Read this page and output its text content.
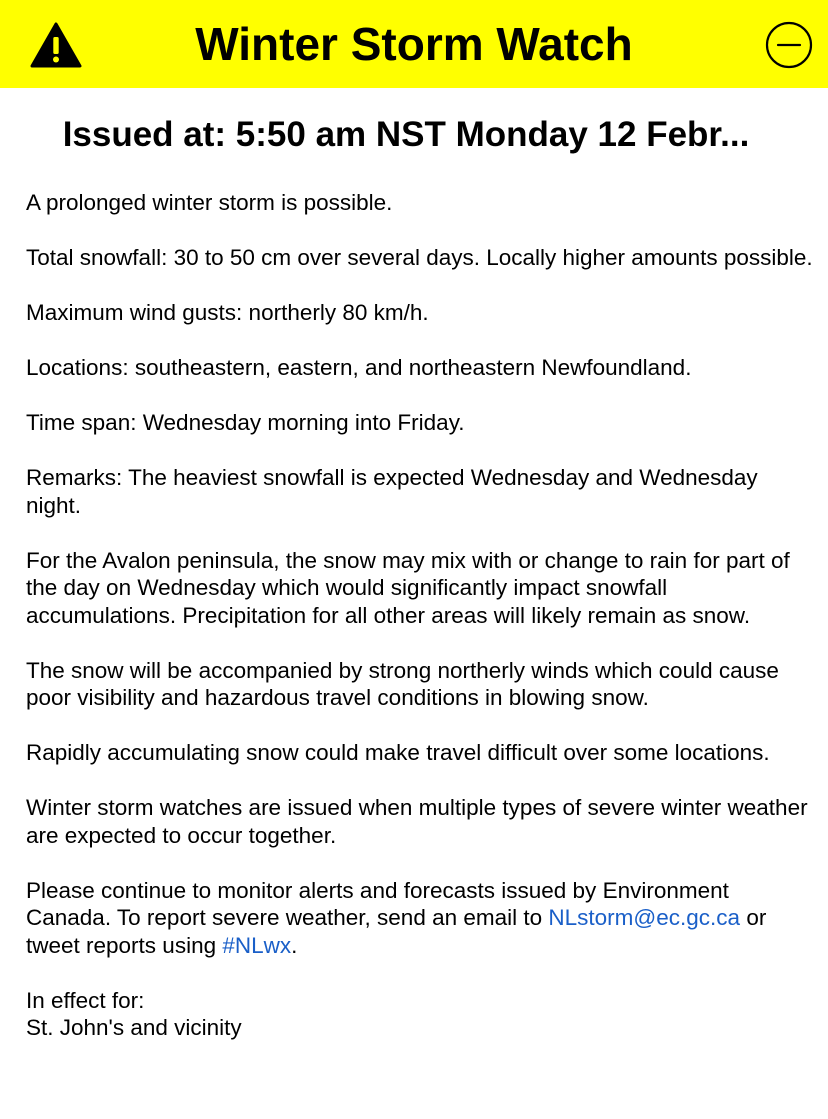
Winter Storm Watch
Issued at: 5:50 am NST Monday 12 Febr...

A prolonged winter storm is possible.

Total snowfall: 30 to 50 cm over several days. Locally higher amounts possible.

Maximum wind gusts: northerly 80 km/h.

Locations: southeastern, eastern, and northeastern Newfoundland.

Time span: Wednesday morning into Friday.

Remarks: The heaviest snowfall is expected Wednesday and Wednesday night.

For the Avalon peninsula, the snow may mix with or change to rain for part of the day on Wednesday which would significantly impact snowfall accumulations. Precipitation for all other areas will likely remain as snow.

The snow will be accompanied by strong northerly winds which could cause poor visibility and hazardous travel conditions in blowing snow.

Rapidly accumulating snow could make travel difficult over some locations.

Winter storm watches are issued when multiple types of severe winter weather are expected to occur together.

Please continue to monitor alerts and forecasts issued by Environment Canada. To report severe weather, send an email to NLstorm@ec.gc.ca or tweet reports using #NLwx.

In effect for:
St. John's and vicinity
